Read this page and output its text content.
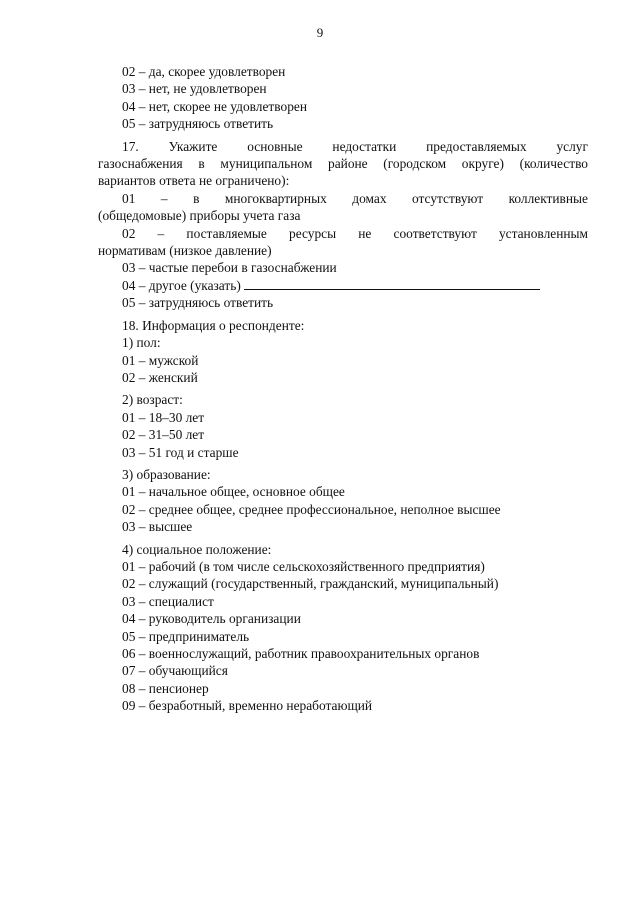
9
02 – да, скорее удовлетворен
03 – нет, не удовлетворен
04 – нет, скорее не удовлетворен
05 – затрудняюсь ответить
17. Укажите основные недостатки предоставляемых услуг
газоснабжения в муниципальном районе (городском округе) (количество
вариантов ответа не ограничено):
01 – в многоквартирных домах отсутствуют коллективные
(общедомовые) приборы учета газа
02 – поставляемые ресурсы не соответствуют установленным
нормативам (низкое давление)
03 – частые перебои в газоснабжении
04 – другое (указать)
05 – затрудняюсь ответить
18. Информация о респонденте:
1) пол:
01 – мужской
02 – женский
2) возраст:
01 – 18–30 лет
02 – 31–50 лет
03 – 51 год и старше
3) образование:
01 – начальное общее, основное общее
02 – среднее общее, среднее профессиональное, неполное высшее
03 – высшее
4) социальное положение:
01 – рабочий (в том числе сельскохозяйственного предприятия)
02 – служащий (государственный, гражданский, муниципальный)
03 – специалист
04 – руководитель организации
05 – предприниматель
06 – военнослужащий, работник правоохранительных органов
07 – обучающийся
08 – пенсионер
09 – безработный, временно неработающий
